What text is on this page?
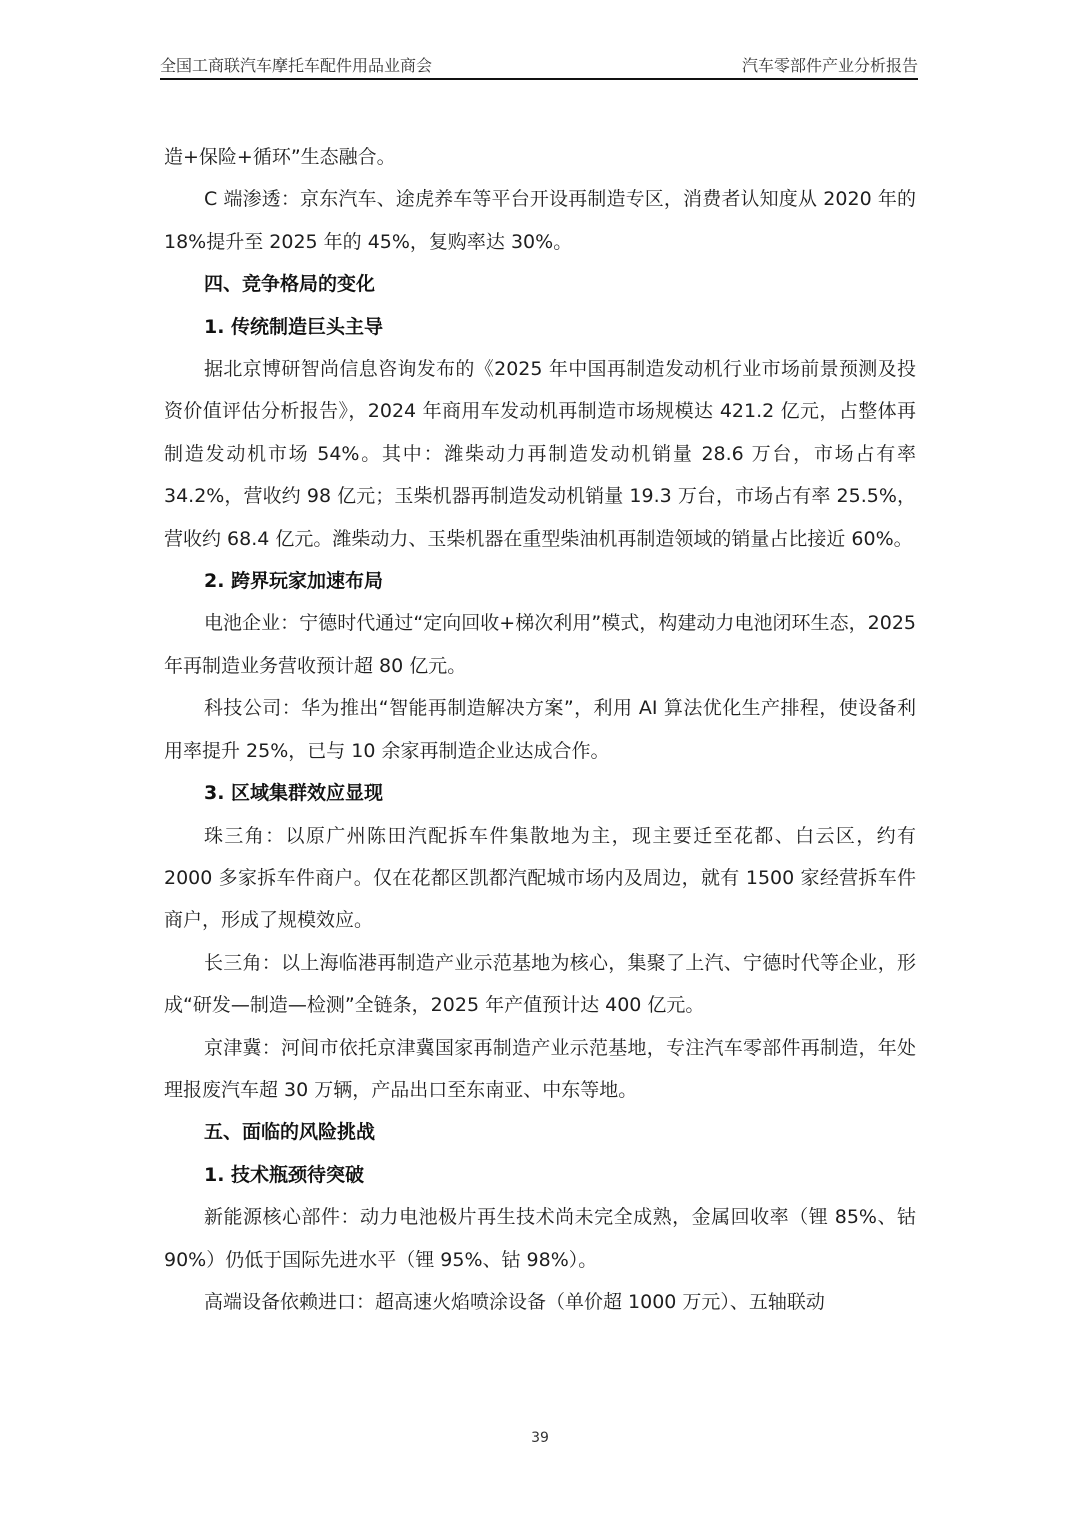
全国工商联汽车摩托车配件用品业商会	汽车零部件产业分析报告
造+保险+循环”生态融合。
C 端渗透：京东汽车、途虎养车等平台开设再制造专区，消费者认知度从 2020 年的 18%提升至 2025 年的 45%，复购率达 30%。
四、竞争格局的变化
1. 传统制造巨头主导
据北京博研智尚信息咨询发布的《2025 年中国再制造发动机行业市场前景预测及投资价值评估分析报告》，2024 年商用车发动机再制造市场规模达 421.2 亿元，占整体再制造发动机市场 54%。其中：潍柴动力再制造发动机销量 28.6 万台，市场占有率 34.2%，营收约 98 亿元；玉柴机器再制造发动机销量 19.3 万台，市场占有率 25.5%，营收约 68.4 亿元。潍柴动力、玉柴机器在重型柴油机再制造领域的销量占比接近 60%。
2. 跨界玩家加速布局
电池企业：宁德时代通过“定向回收+梯次利用”模式，构建动力电池闭环生态，2025 年再制造业务营收预计超 80 亿元。
科技公司：华为推出“智能再制造解决方案”，利用 AI 算法优化生产排程，使设备利用率提升 25%，已与 10 余家再制造企业达成合作。
3. 区域集群效应显现
珠三角：以原广州陈田汽配拆车件集散地为主，现主要迁至花都、白云区，约有 2000 多家拆车件商户。仅在花都区凯都汽配城市场内及周边，就有 1500 家经营拆车件商户，形成了规模效应。
长三角：以上海临港再制造产业示范基地为核心，集聚了上汽、宁德时代等企业，形成“研发—制造—检测”全链条，2025 年产值预计达 400 亿元。
京津冀：河间市依托京津冀国家再制造产业示范基地，专注汽车零部件再制造，年处理报废汽车超 30 万辆，产品出口至东南亚、中东等地。
五、面临的风险挑战
1. 技术瓶颈待突破
新能源核心部件：动力电池极片再生技术尚未完全成熟，金属回收率（锂 85%、钴 90%）仍低于国际先进水平（锂 95%、钴 98%）。
高端设备依赖进口：超高速火焰喷涂设备（单价超 1000 万元）、五轴联动
39
